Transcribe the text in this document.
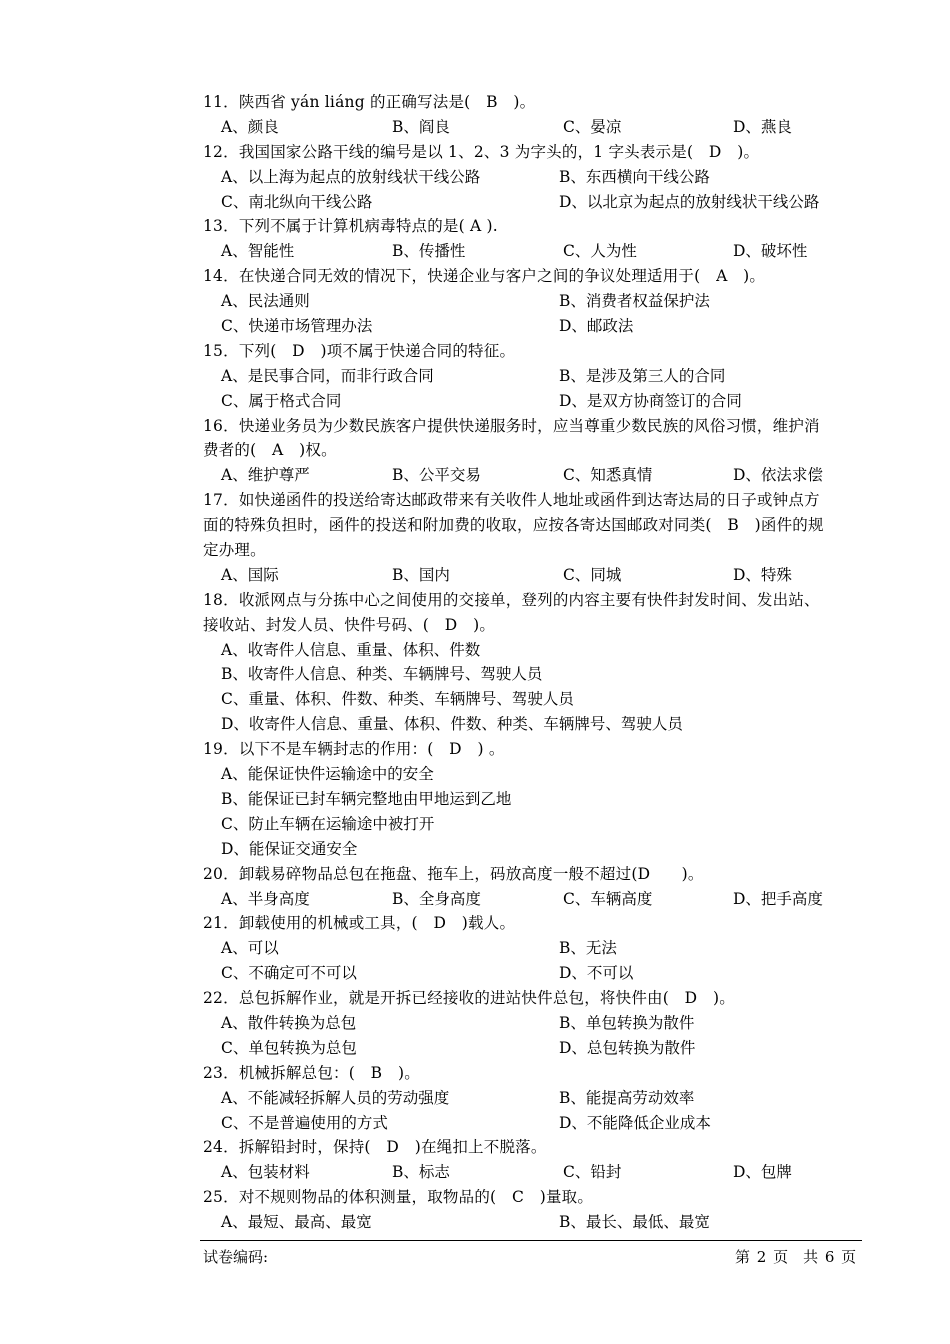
11．陕西省 yán liáng 的正确写法是(　B　)。
A、颜良	B、阎良	C、晏凉	D、燕良
12．我国国家公路干线的编号是以 1、2、3 为字头的，1 字头表示是(　D　)。
A、以上海为起点的放射线状干线公路	B、东西横向干线公路
C、南北纵向干线公路	D、以北京为起点的放射线状干线公路
13．下列不属于计算机病毒特点的是( A ).
A、智能性	B、传播性	C、人为性	D、破坏性
14．在快递合同无效的情况下，快递企业与客户之间的争议处理适用于(　A　)。
A、民法通则	B、消费者权益保护法
C、快递市场管理办法	D、邮政法
15．下列(　D　)项不属于快递合同的特征。
A、是民事合同，而非行政合同	B、是涉及第三人的合同
C、属于格式合同	D、是双方协商签订的合同
16．快递业务员为少数民族客户提供快递服务时，应当尊重少数民族的风俗习惯，维护消
费者的(　A　)权。
A、维护尊严	B、公平交易	C、知悉真情	D、依法求偿
17．如快递函件的投送给寄达邮政带来有关收件人地址或函件到达寄达局的日子或钟点方
面的特殊负担时，函件的投送和附加费的收取，应按各寄达国邮政对同类(　B　)函件的规
定办理。
A、国际	B、国内	C、同城	D、特殊
18．收派网点与分拣中心之间使用的交接单，登列的内容主要有快件封发时间、发出站、
接收站、封发人员、快件号码、(　D　)。
A、收寄件人信息、重量、体积、件数
B、收寄件人信息、种类、车辆牌号、驾驶人员
C、重量、体积、件数、种类、车辆牌号、驾驶人员
D、收寄件人信息、重量、体积、件数、种类、车辆牌号、驾驶人员
19．以下不是车辆封志的作用：(　D　) 。
A、能保证快件运输途中的安全
B、能保证已封车辆完整地由甲地运到乙地
C、防止车辆在运输途中被打开
D、能保证交通安全
20．卸载易碎物品总包在拖盘、拖车上，码放高度一般不超过(D　　)。
A、半身高度	B、全身高度	C、车辆高度	D、把手高度
21．卸载使用的机械或工具，(　D　)载人。
A、可以	B、无法
C、不确定可不可以	D、不可以
22．总包拆解作业，就是开拆已经接收的进站快件总包，将快件由(　D　)。
A、散件转换为总包	B、单包转换为散件
C、单包转换为总包	D、总包转换为散件
23．机械拆解总包：(　B　)。
A、不能减轻拆解人员的劳动强度	B、能提高劳动效率
C、不是普遍使用的方式	D、不能降低企业成本
24．拆解铅封时，保持(　D　)在绳扣上不脱落。
A、包装材料	B、标志	C、铅封	D、包牌
25．对不规则物品的体积测量，取物品的(　C　)量取。
A、最短、最高、最宽	B、最长、最低、最宽
试卷编码:	第 2 页　共 6 页
